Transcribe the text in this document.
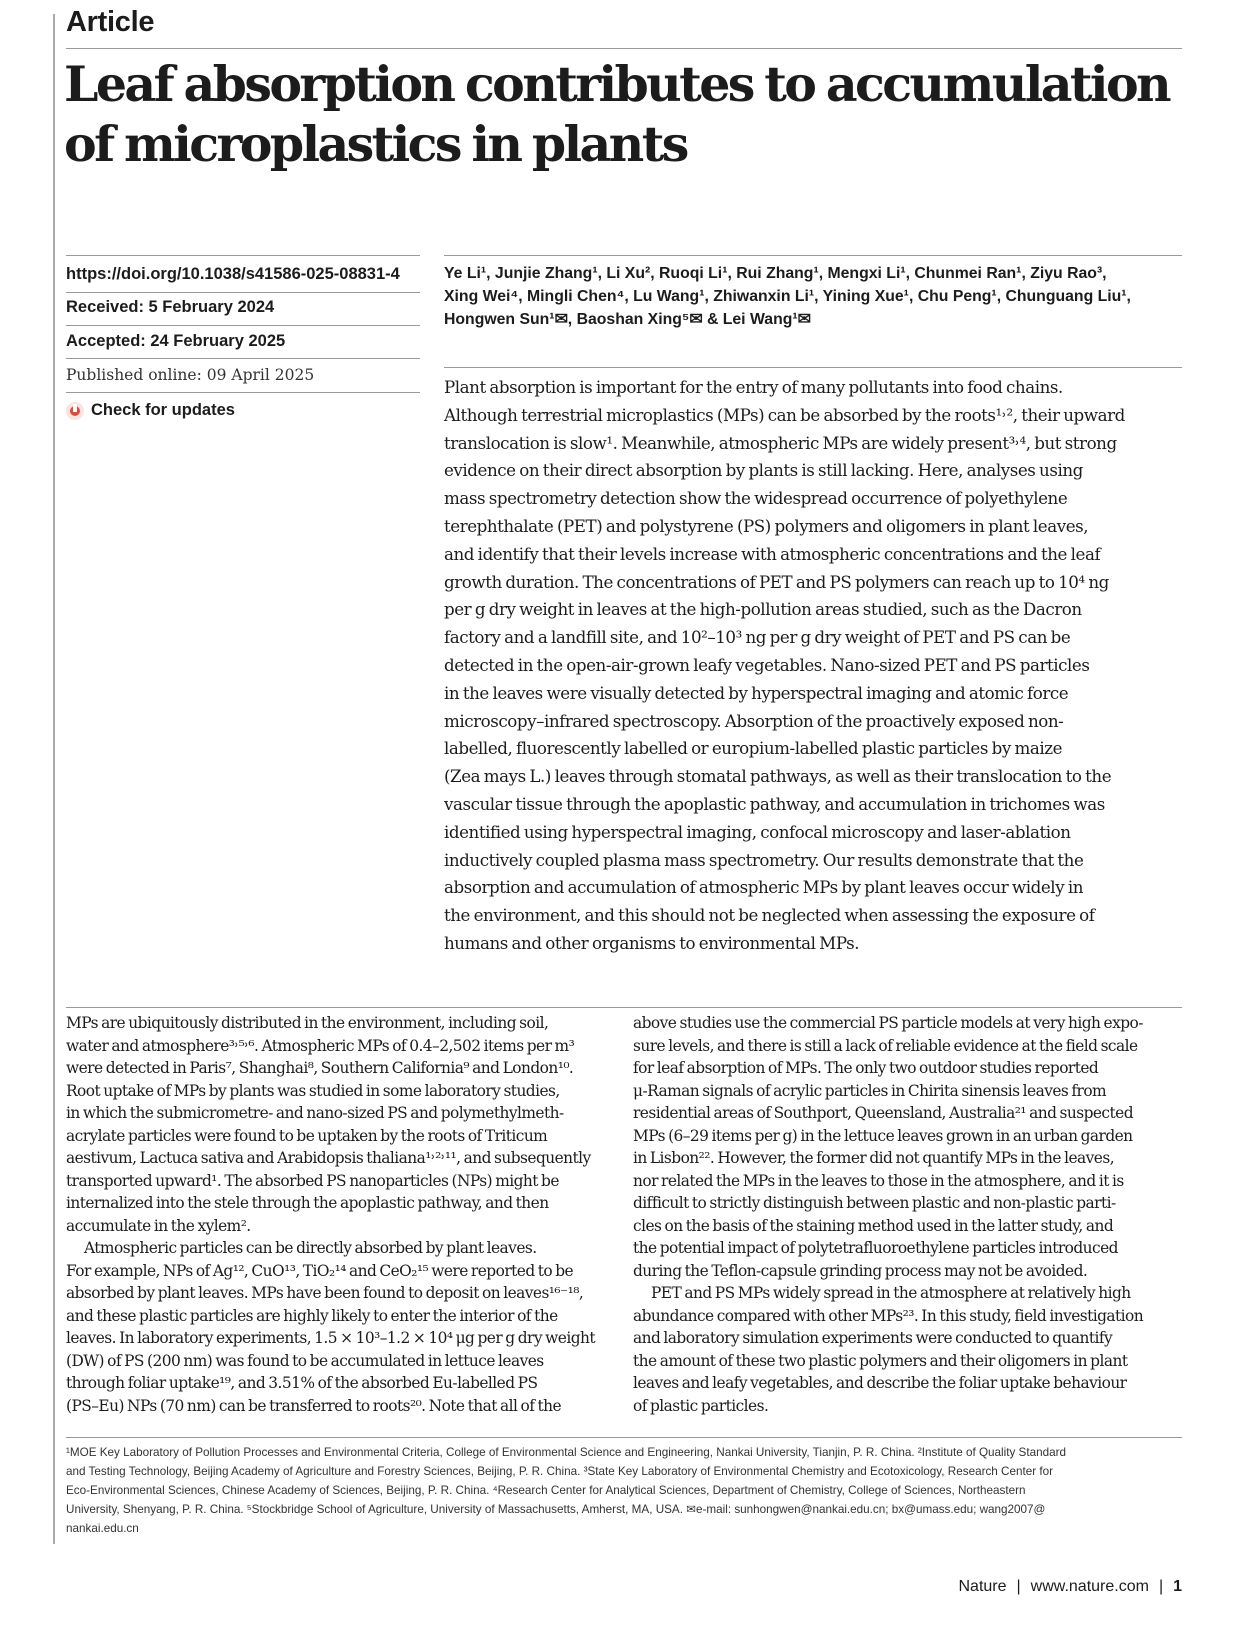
Article
Leaf absorption contributes to accumulation
of microplastics in plants
https://doi.org/10.1038/s41586-025-08831-4
Received: 5 February 2024
Accepted: 24 February 2025
Published online: 09 April 2025
Check for updates
Ye Li¹, Junjie Zhang¹, Li Xu², Ruoqi Li¹, Rui Zhang¹, Mengxi Li¹, Chunmei Ran¹, Ziyu Rao³,
Xing Wei⁴, Mingli Chen⁴, Lu Wang¹, Zhiwanxin Li¹, Yining Xue¹, Chu Peng¹, Chunguang Liu¹,
Hongwen Sun¹✉, Baoshan Xing⁵✉ & Lei Wang¹✉
Plant absorption is important for the entry of many pollutants into food chains.
Although terrestrial microplastics (MPs) can be absorbed by the roots¹˒², their upward
translocation is slow¹. Meanwhile, atmospheric MPs are widely present³˒⁴, but strong
evidence on their direct absorption by plants is still lacking. Here, analyses using
mass spectrometry detection show the widespread occurrence of polyethylene
terephthalate (PET) and polystyrene (PS) polymers and oligomers in plant leaves,
and identify that their levels increase with atmospheric concentrations and the leaf
growth duration. The concentrations of PET and PS polymers can reach up to 10⁴ ng
per g dry weight in leaves at the high-pollution areas studied, such as the Dacron
factory and a landfill site, and 10²–10³ ng per g dry weight of PET and PS can be
detected in the open-air-grown leafy vegetables. Nano-sized PET and PS particles
in the leaves were visually detected by hyperspectral imaging and atomic force
microscopy–infrared spectroscopy. Absorption of the proactively exposed non-
labelled, fluorescently labelled or europium-labelled plastic particles by maize
(Zea mays L.) leaves through stomatal pathways, as well as their translocation to the
vascular tissue through the apoplastic pathway, and accumulation in trichomes was
identified using hyperspectral imaging, confocal microscopy and laser-ablation
inductively coupled plasma mass spectrometry. Our results demonstrate that the
absorption and accumulation of atmospheric MPs by plant leaves occur widely in
the environment, and this should not be neglected when assessing the exposure of
humans and other organisms to environmental MPs.
MPs are ubiquitously distributed in the environment, including soil,
water and atmosphere³˒⁵˒⁶. Atmospheric MPs of 0.4–2,502 items per m³
were detected in Paris⁷, Shanghai⁸, Southern California⁹ and London¹⁰.
Root uptake of MPs by plants was studied in some laboratory studies,
in which the submicrometre- and nano-sized PS and polymethylmeth-
acrylate particles were found to be uptaken by the roots of Triticum
aestivum, Lactuca sativa and Arabidopsis thaliana¹˒²˒¹¹, and subsequently
transported upward¹. The absorbed PS nanoparticles (NPs) might be
internalized into the stele through the apoplastic pathway, and then
accumulate in the xylem².
Atmospheric particles can be directly absorbed by plant leaves.
For example, NPs of Ag¹², CuO¹³, TiO₂¹⁴ and CeO₂¹⁵ were reported to be
absorbed by plant leaves. MPs have been found to deposit on leaves¹⁶⁻¹⁸,
and these plastic particles are highly likely to enter the interior of the
leaves. In laboratory experiments, 1.5 × 10³–1.2 × 10⁴ μg per g dry weight
(DW) of PS (200 nm) was found to be accumulated in lettuce leaves
through foliar uptake¹⁹, and 3.51% of the absorbed Eu-labelled PS
(PS–Eu) NPs (70 nm) can be transferred to roots²⁰. Note that all of the
above studies use the commercial PS particle models at very high expo-
sure levels, and there is still a lack of reliable evidence at the field scale
for leaf absorption of MPs. The only two outdoor studies reported
μ-Raman signals of acrylic particles in Chirita sinensis leaves from
residential areas of Southport, Queensland, Australia²¹ and suspected
MPs (6–29 items per g) in the lettuce leaves grown in an urban garden
in Lisbon²². However, the former did not quantify MPs in the leaves,
nor related the MPs in the leaves to those in the atmosphere, and it is
difficult to strictly distinguish between plastic and non-plastic parti-
cles on the basis of the staining method used in the latter study, and
the potential impact of polytetrafluoroethylene particles introduced
during the Teflon-capsule grinding process may not be avoided.
PET and PS MPs widely spread in the atmosphere at relatively high
abundance compared with other MPs²³. In this study, field investigation
and laboratory simulation experiments were conducted to quantify
the amount of these two plastic polymers and their oligomers in plant
leaves and leafy vegetables, and describe the foliar uptake behaviour
of plastic particles.
¹MOE Key Laboratory of Pollution Processes and Environmental Criteria, College of Environmental Science and Engineering, Nankai University, Tianjin, P. R. China. ²Institute of Quality Standard
and Testing Technology, Beijing Academy of Agriculture and Forestry Sciences, Beijing, P. R. China. ³State Key Laboratory of Environmental Chemistry and Ecotoxicology, Research Center for
Eco-Environmental Sciences, Chinese Academy of Sciences, Beijing, P. R. China. ⁴Research Center for Analytical Sciences, Department of Chemistry, College of Sciences, Northeastern
University, Shenyang, P. R. China. ⁵Stockbridge School of Agriculture, University of Massachusetts, Amherst, MA, USA. ✉e-mail: sunhongwen@nankai.edu.cn; bx@umass.edu; wang2007@
nankai.edu.cn
Nature | www.nature.com | 1
